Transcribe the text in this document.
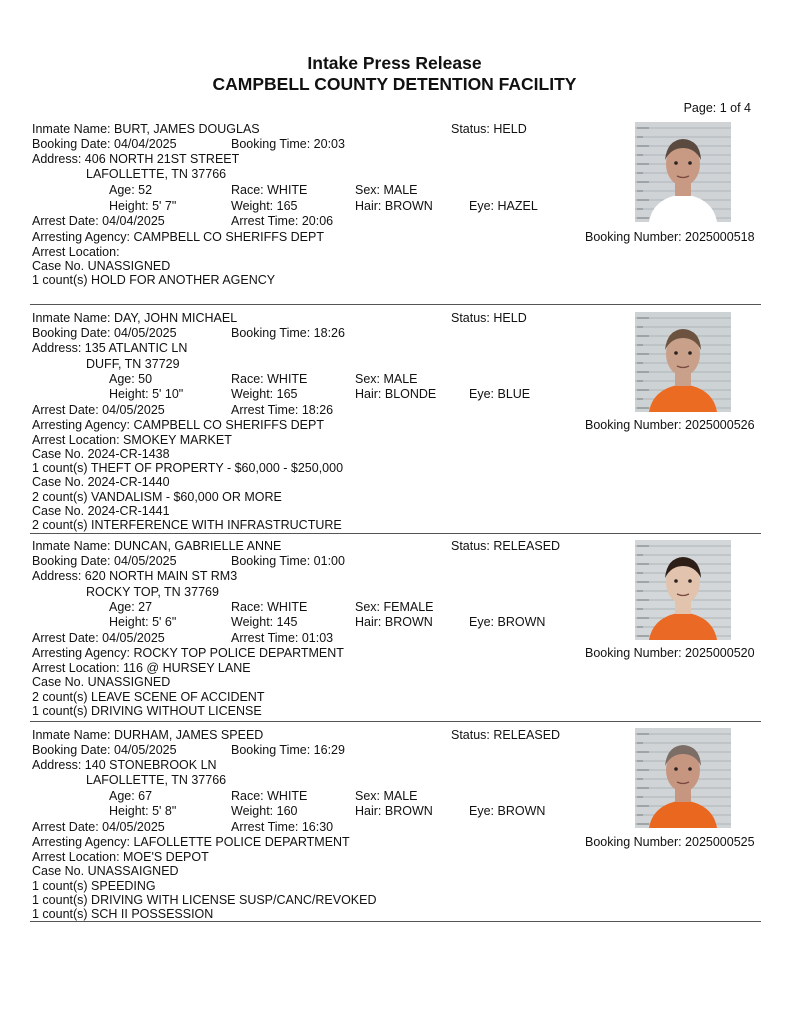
Intake Press Release
CAMPBELL COUNTY DETENTION FACILITY
Page: 1 of 4
Inmate Name: BURT, JAMES DOUGLAS	Status: HELD
Booking Date: 04/04/2025	Booking Time: 20:03
Address: 406 NORTH 21ST STREET
LAFOLLETTE, TN 37766
Age: 52	Race: WHITE	Sex: MALE
Height: 5' 7"	Weight: 165	Hair: BROWN	Eye: HAZEL
Arrest Date: 04/04/2025	Arrest Time: 20:06
Arresting Agency: CAMPBELL CO SHERIFFS DEPT	Booking Number: 2025000518
Arrest Location:
Case No. UNASSIGNED
1 count(s) HOLD FOR ANOTHER AGENCY
Inmate Name: DAY, JOHN MICHAEL	Status: HELD
Booking Date: 04/05/2025	Booking Time: 18:26
Address: 135 ATLANTIC LN
DUFF, TN 37729
Age: 50	Race: WHITE	Sex: MALE
Height: 5' 10"	Weight: 165	Hair: BLONDE	Eye: BLUE
Arrest Date: 04/05/2025	Arrest Time: 18:26
Arresting Agency: CAMPBELL CO SHERIFFS DEPT	Booking Number: 2025000526
Arrest Location: SMOKEY MARKET
Case No. 2024-CR-1438
1 count(s) THEFT OF PROPERTY - $60,000 - $250,000
Case No. 2024-CR-1440
2 count(s) VANDALISM - $60,000 OR MORE
Case No. 2024-CR-1441
2 count(s) INTERFERENCE WITH INFRASTRUCTURE
Inmate Name: DUNCAN, GABRIELLE ANNE	Status: RELEASED
Booking Date: 04/05/2025	Booking Time: 01:00
Address: 620 NORTH MAIN ST RM3
ROCKY TOP, TN 37769
Age: 27	Race: WHITE	Sex: FEMALE
Height: 5' 6"	Weight: 145	Hair: BROWN	Eye: BROWN
Arrest Date: 04/05/2025	Arrest Time: 01:03
Arresting Agency: ROCKY TOP POLICE DEPARTMENT	Booking Number: 2025000520
Arrest Location: 116 @ HURSEY LANE
Case No. UNASSIGNED
2 count(s) LEAVE SCENE OF ACCIDENT
1 count(s) DRIVING WITHOUT LICENSE
Inmate Name: DURHAM, JAMES SPEED	Status: RELEASED
Booking Date: 04/05/2025	Booking Time: 16:29
Address: 140 STONEBROOK LN
LAFOLLETTE, TN 37766
Age: 67	Race: WHITE	Sex: MALE
Height: 5' 8"	Weight: 160	Hair: BROWN	Eye: BROWN
Arrest Date: 04/05/2025	Arrest Time: 16:30
Arresting Agency: LAFOLLETTE POLICE DEPARTMENT	Booking Number: 2025000525
Arrest Location: MOE'S DEPOT
Case No. UNASSAIGNED
1 count(s) SPEEDING
1 count(s) DRIVING WITH LICENSE SUSP/CANC/REVOKED
1 count(s) SCH II POSSESSION
